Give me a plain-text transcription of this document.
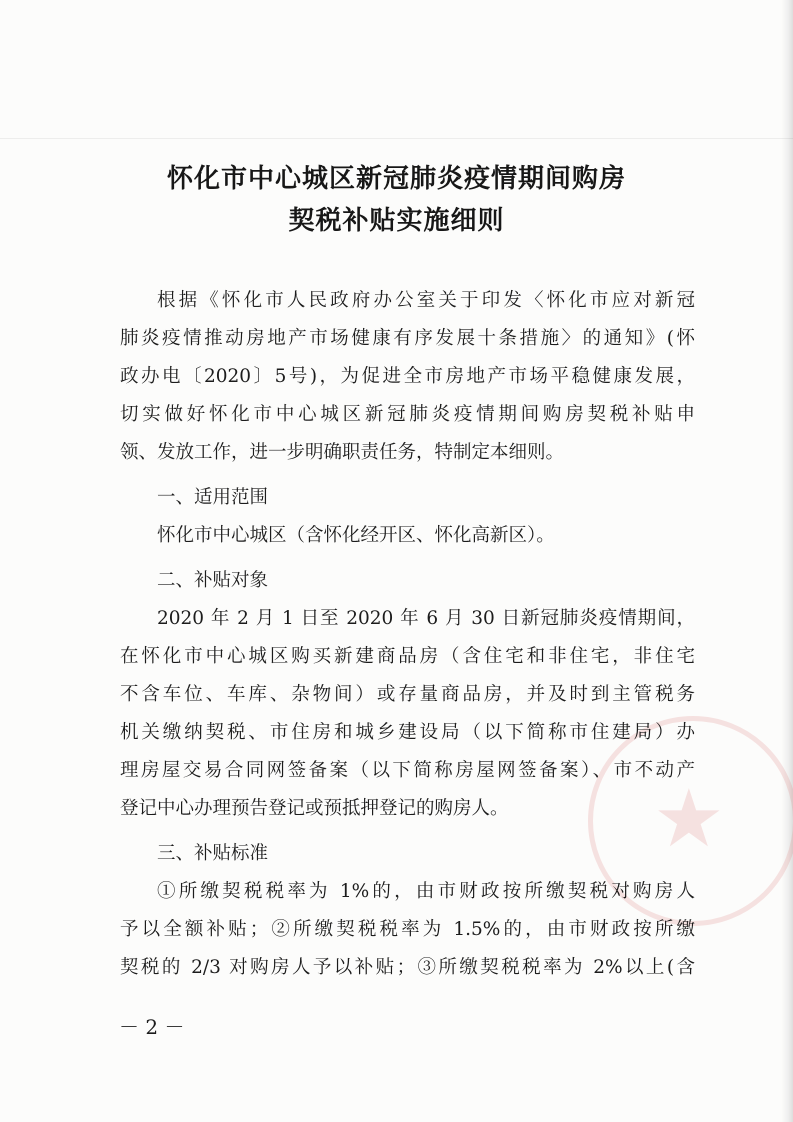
★
怀化市中心城区新冠肺炎疫情期间购房
契税补贴实施细则
根据《怀化市人民政府办公室关于印发〈怀化市应对新冠
肺炎疫情推动房地产市场健康有序发展十条措施〉的通知》(怀
政办电〔2020〕5号)，为促进全市房地产市场平稳健康发展，
切实做好怀化市中心城区新冠肺炎疫情期间购房契税补贴申
领、发放工作，进一步明确职责任务，特制定本细则。
一、适用范围
怀化市中心城区（含怀化经开区、怀化高新区）。
二、补贴对象
2020 年 2 月 1 日至 2020 年 6 月 30 日新冠肺炎疫情期间，
在怀化市中心城区购买新建商品房（含住宅和非住宅，非住宅
不含车位、车库、杂物间）或存量商品房，并及时到主管税务
机关缴纳契税、市住房和城乡建设局（以下简称市住建局）办
理房屋交易合同网签备案（以下简称房屋网签备案）、市不动产
登记中心办理预告登记或预抵押登记的购房人。
三、补贴标准
①所缴契税税率为 1%的，由市财政按所缴契税对购房人
予以全额补贴；②所缴契税税率为 1.5%的，由市财政按所缴
契税的 2/3 对购房人予以补贴；③所缴契税税率为 2%以上(含
－ 2 －
